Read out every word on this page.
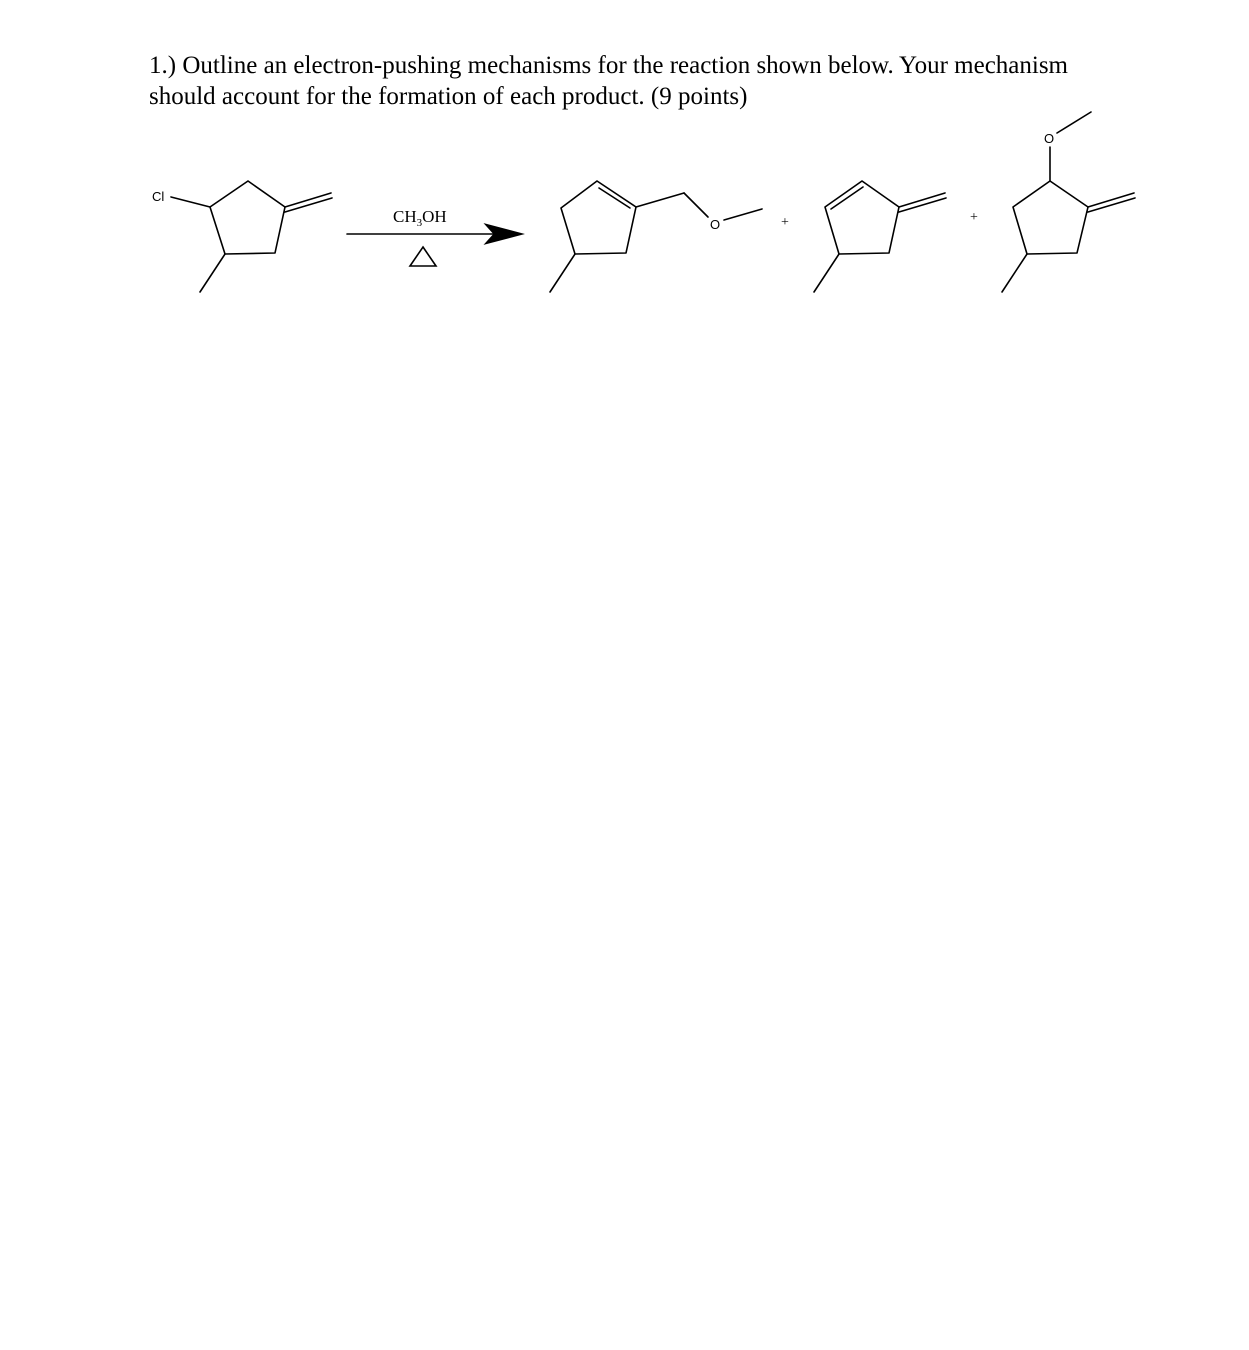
1.) Outline an electron-pushing mechanisms for the reaction shown below. Your mechanism
should account for the formation of each product. (9 points)
Cl
$CH_3OH$	O	+	+
O
